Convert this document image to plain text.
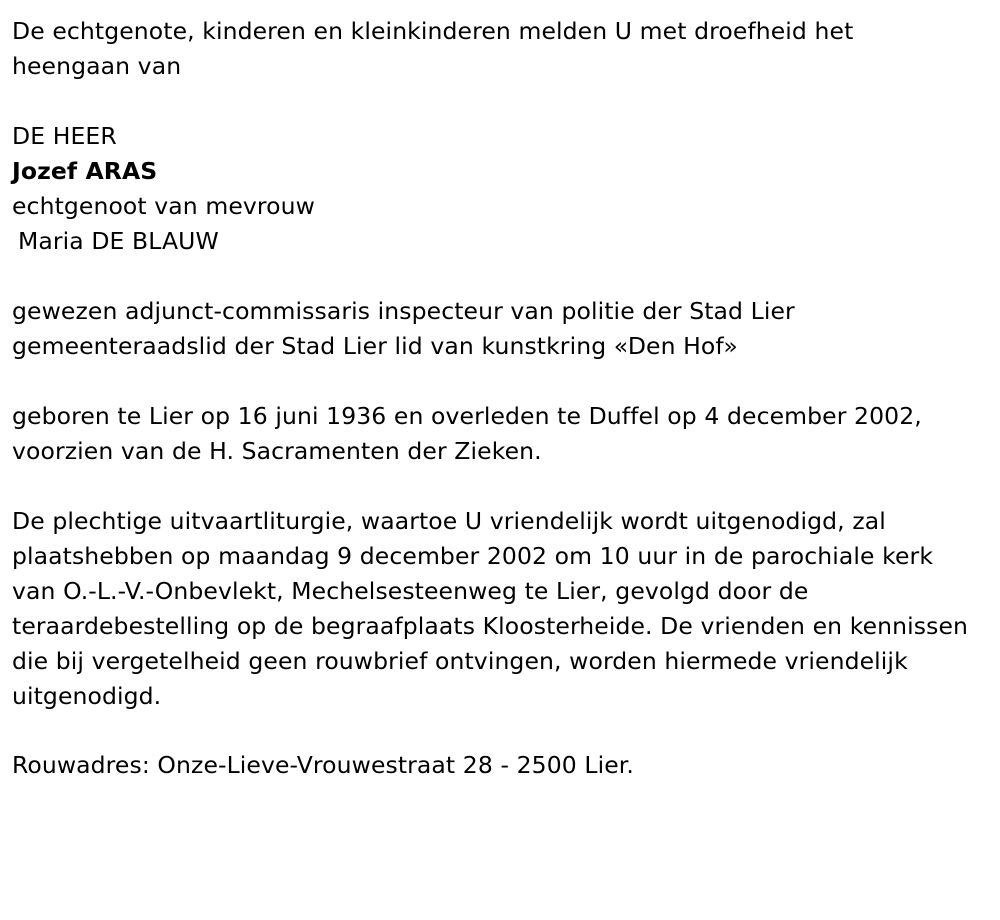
De echtgenote, kinderen en kleinkinderen melden U met droefheid het heengaan van

DE HEER

Jozef ARAS

echtgenoot van mevrouw

Maria DE BLAUW

gewezen adjunct-commissaris inspecteur van politie der Stad Lier

gemeenteraadslid der Stad Lier lid van kunstkring «Den Hof»

geboren te Lier op 16 juni 1936 en overleden te Duffel op 4 december 2002, voorzien van de H. Sacramenten der Zieken.

De plechtige uitvaartliturgie, waartoe U vriendelijk wordt uitgenodigd, zal plaatshebben op maandag 9 december 2002 om 10 uur in de parochiale kerk van O.-L.-V.-Onbevlekt, Mechelsesteenweg te Lier, gevolgd door de teraardebestelling op de begraafplaats Kloosterheide. De vrienden en kennissen die bij vergetelheid geen rouwbrief ontvingen, worden hiermede vriendelijk uitgenodigd.

Rouwadres: Onze-Lieve-Vrouwestraat 28 - 2500 Lier.
